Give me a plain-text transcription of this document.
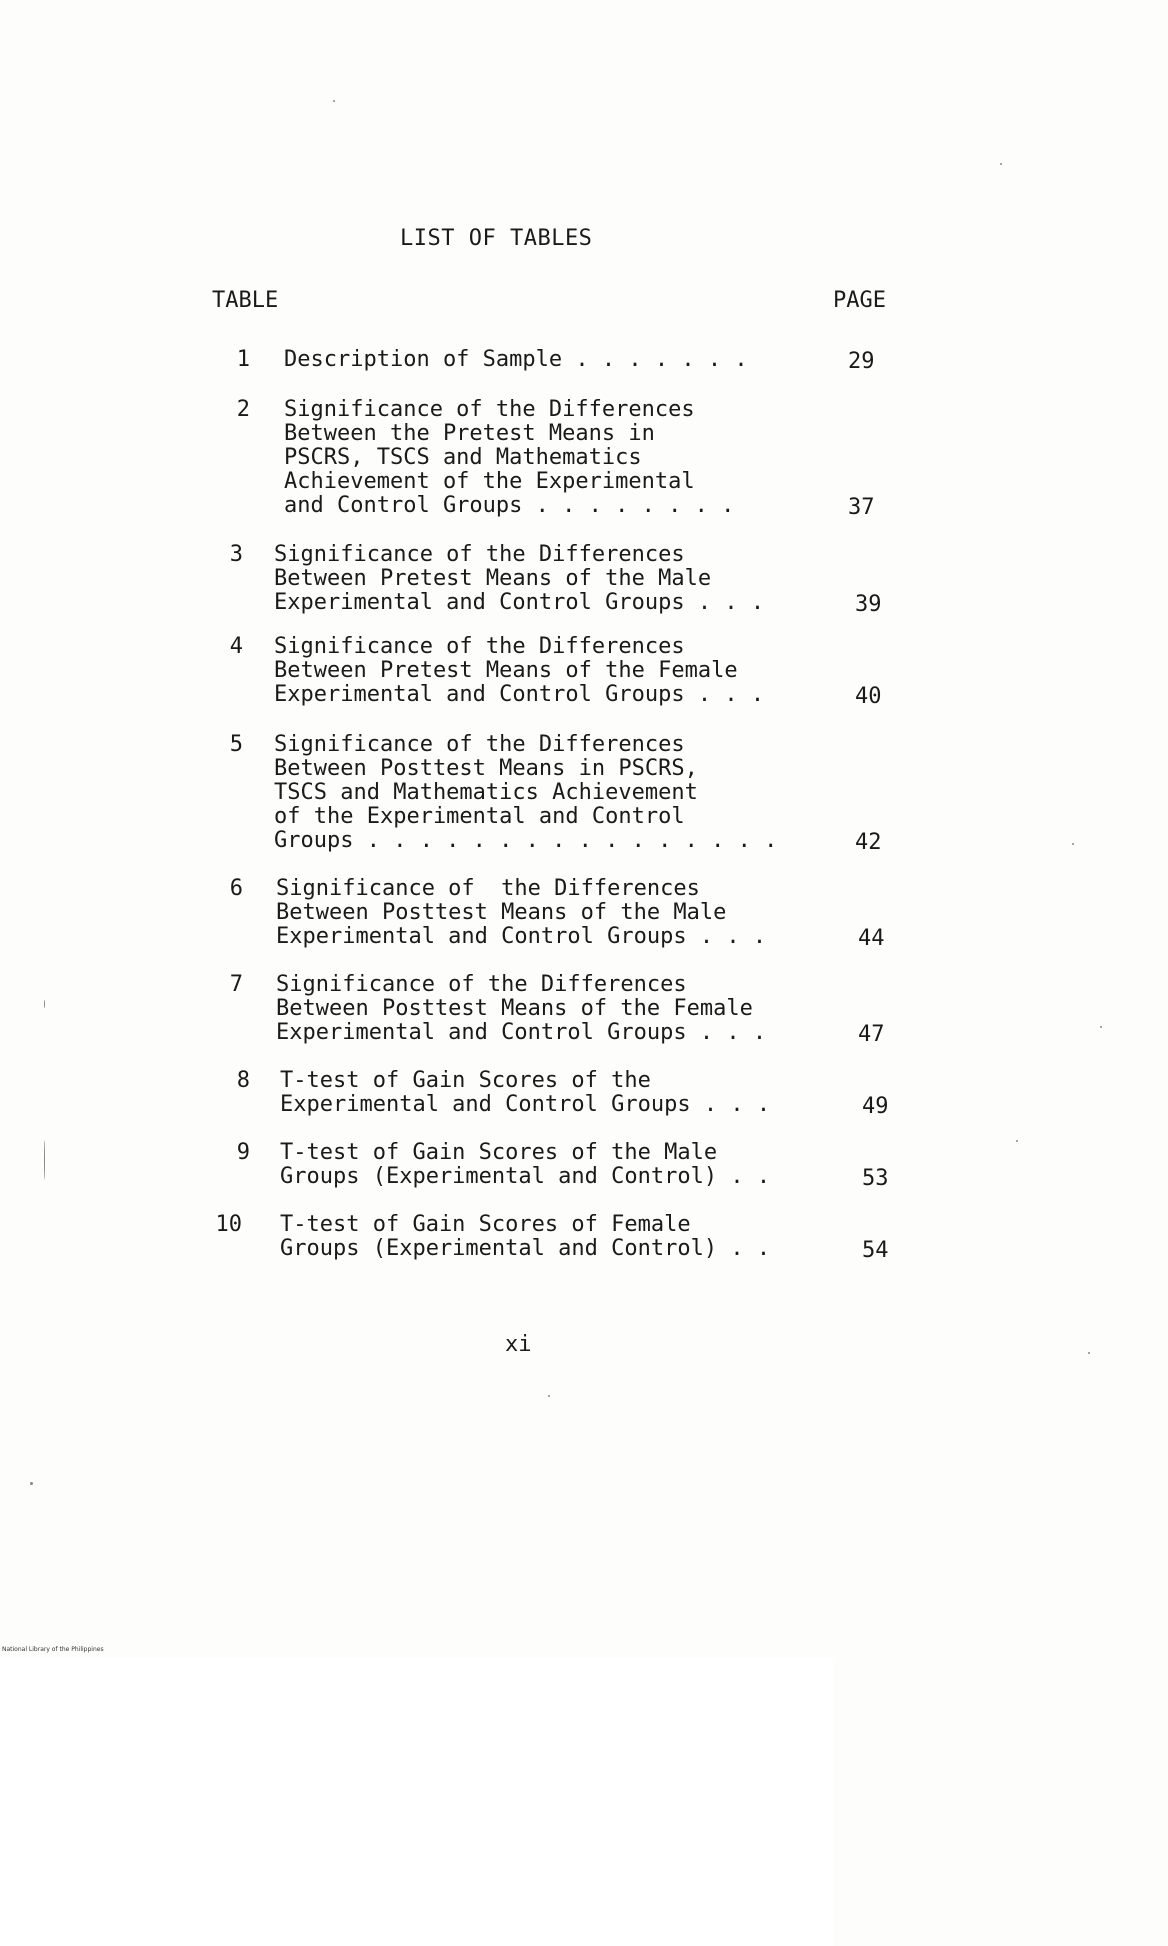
LIST OF TABLES
TABLE	PAGE
1 Description of Sample . . . . . . .	29
2 Significance of the Differences
Between the Pretest Means in
PSCRS, TSCS and Mathematics
Achievement of the Experimental
and Control Groups . . . . . . . .	37
3 Significance of the Differences
Between Pretest Means of the Male
Experimental and Control Groups . . .	39
4 Significance of the Differences
Between Pretest Means of the Female
Experimental and Control Groups . . .	40
5 Significance of the Differences
Between Posttest Means in PSCRS,
TSCS and Mathematics Achievement
of the Experimental and Control
Groups . . . . . . . . . . . . . . . .	42
6 Significance of  the Differences
Between Posttest Means of the Male
Experimental and Control Groups . . .	44
7 Significance of the Differences
Between Posttest Means of the Female
Experimental and Control Groups . . .	47
8 T-test of Gain Scores of the
Experimental and Control Groups . . .	49
9 T-test of Gain Scores of the Male
Groups (Experimental and Control) . .	53
10 T-test of Gain Scores of Female
Groups (Experimental and Control) . .	54
xi
National Library of the Philippines
